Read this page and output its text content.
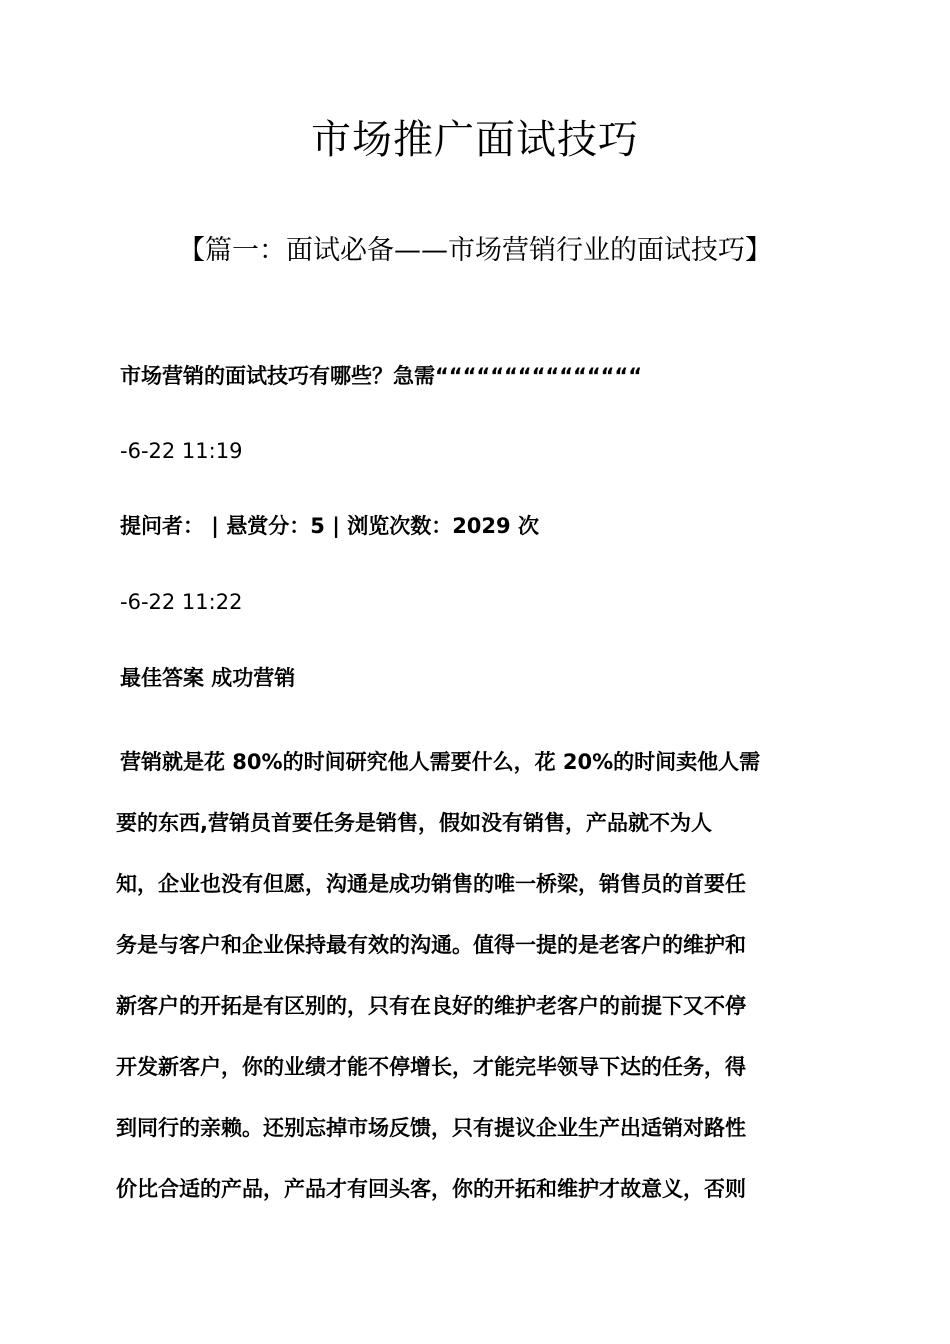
市场推广面试技巧
【篇一：面试必备——市场营销行业的面试技巧】
市场营销的面试技巧有哪些？急需“““““““““““““““
-6-22 11:19
提问者： | 悬赏分：5 | 浏览次数：2029 次
-6-22 11:22
最佳答案 成功营销
营销就是花 80%的时间研究他人需要什么，花 20%的时间卖他人需
要的东西,营销员首要任务是销售，假如没有销售，产品就不为人
知，企业也没有但愿，沟通是成功销售的唯一桥梁，销售员的首要任
务是与客户和企业保持最有效的沟通。值得一提的是老客户的维护和
新客户的开拓是有区别的，只有在良好的维护老客户的前提下又不停
开发新客户，你的业绩才能不停增长，才能完毕领导下达的任务，得
到同行的亲赖。还别忘掉市场反馈，只有提议企业生产出适销对路性
价比合适的产品，产品才有回头客，你的开拓和维护才故意义，否则
